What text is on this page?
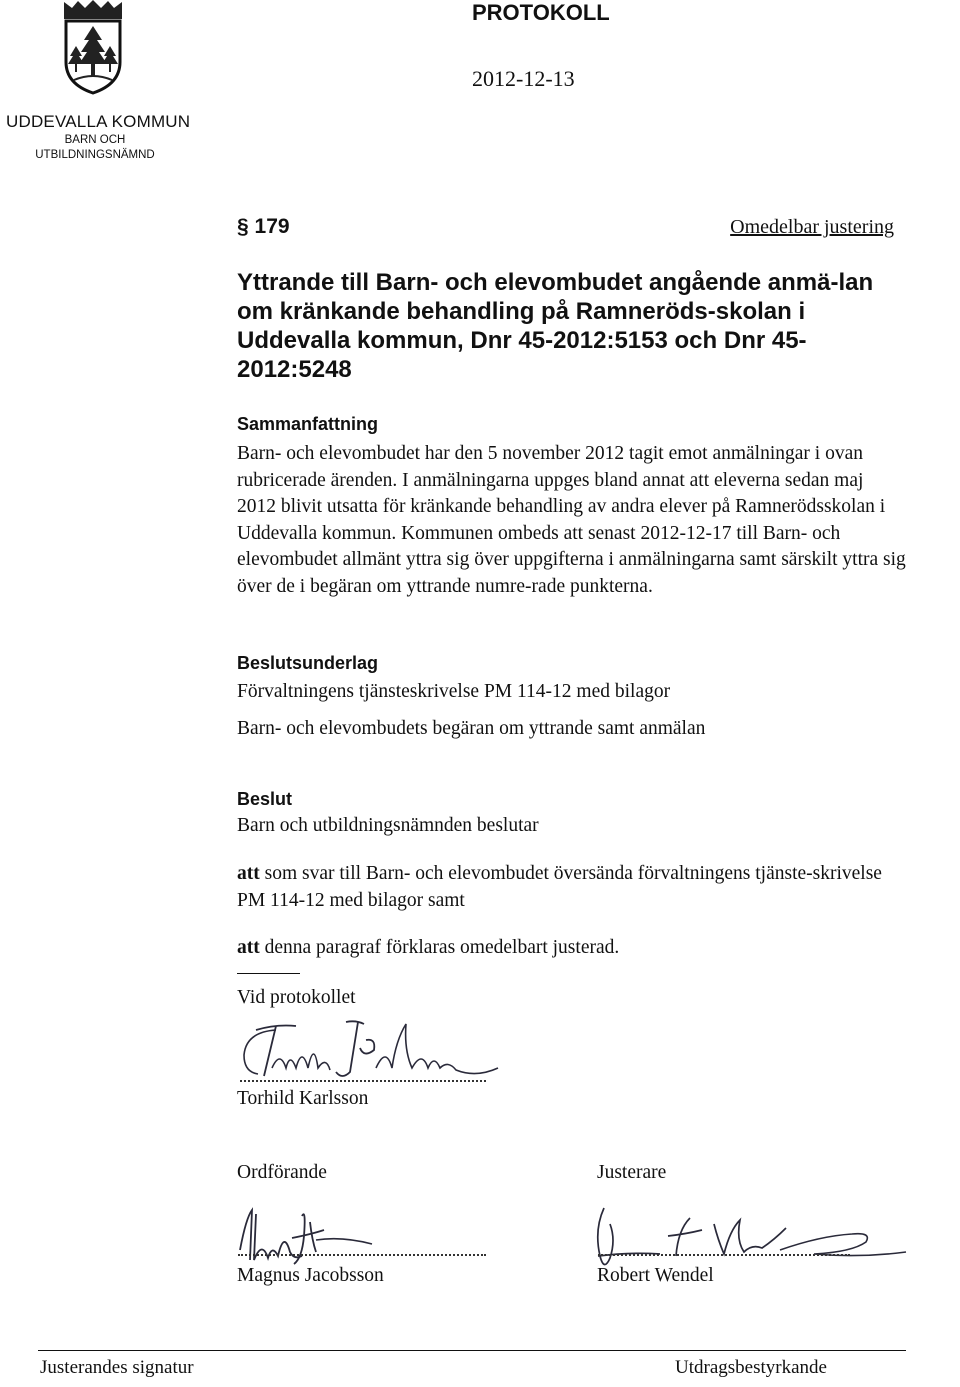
UDDEVALLA KOMMUN
BARN OCH
UTBILDNINGSNÄMND
PROTOKOLL
2012-12-13
§ 179	Omedelbar justering
Yttrande till Barn- och elevombudet angående anmä-lan om kränkande behandling på Ramneröds-skolan i Uddevalla kommun, Dnr 45-2012:5153 och Dnr 45-2012:5248
Sammanfattning
Barn- och elevombudet har den 5 november 2012 tagit emot anmälningar i ovan rubricerade ärenden. I anmälningarna uppges bland annat att eleverna sedan maj 2012 blivit utsatta för kränkande behandling av andra elever på Ramnerödsskolan i Uddevalla kommun. Kommunen ombeds att senast 2012-12-17 till Barn- och elevombudet allmänt yttra sig över uppgifterna i anmälningarna samt särskilt yttra sig över de i begäran om yttrande numre-rade punkterna.
Beslutsunderlag
Förvaltningens tjänsteskrivelse PM 114-12 med bilagor
Barn- och elevombudets begäran om yttrande samt anmälan
Beslut
Barn och utbildningsnämnden beslutar
att som svar till Barn- och elevombudet översända förvaltningens tjänste-skrivelse PM 114-12 med bilagor samt
att denna paragraf förklaras omedelbart justerad.
Vid protokollet
Torhild Karlsson
Ordförande	Justerare
Magnus Jacobsson	Robert Wendel
Justerandes signatur	Utdragsbestyrkande
